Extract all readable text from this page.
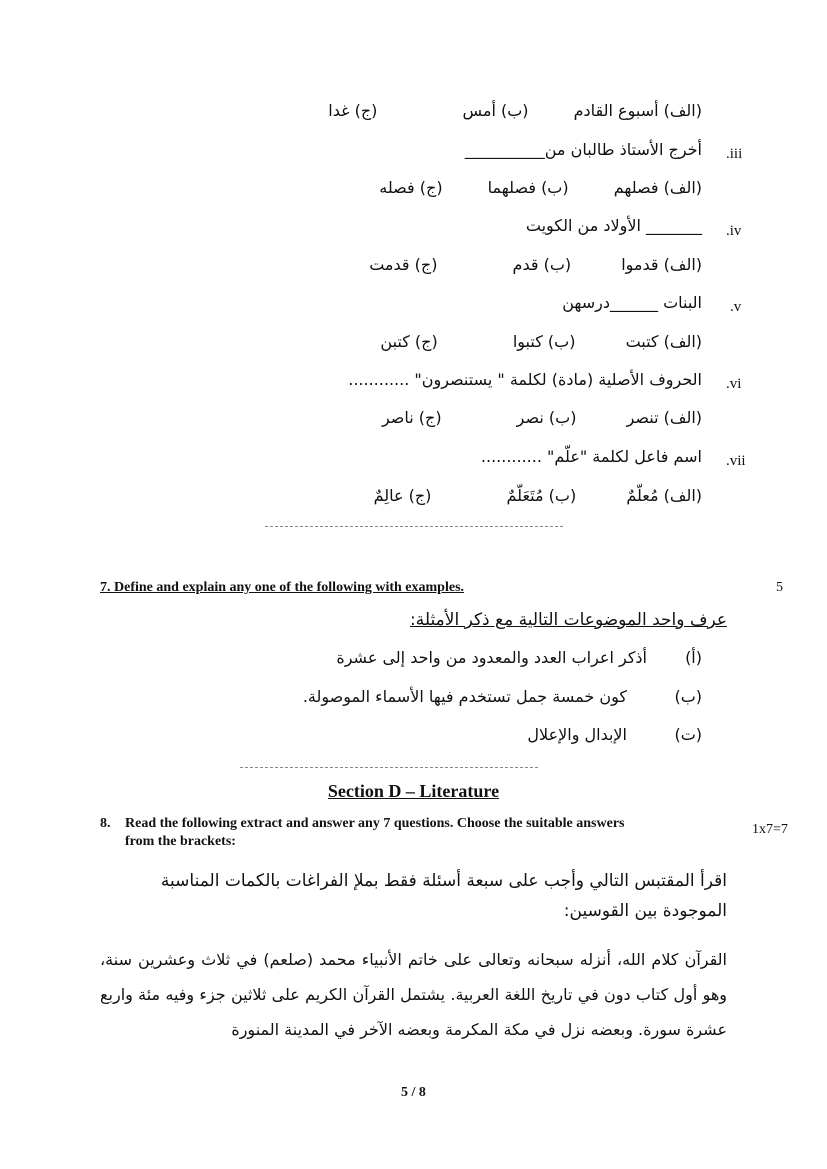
(الف) أسبوع القادم (ب) أمس (ج) غدا
.iii
أخرج الأستاذ طالبان من__________
(الف) فصلهم (ب) فصلهما (ج) فصله
.iv
_______ الأولاد من الكويت
(الف) قدموا (ب) قدم (ج) قدمت
.v
البنات ______درسهن
(الف) كتبت (ب) كتبوا (ج) كتبن
.vi
الحروف الأصلية (مادة) لكلمة " يستنصرون" ............
(الف) تنصر (ب) نصر (ج) ناصر
.vii
اسم فاعل لكلمة "علّم" ............
(الف) مُعلّمٌ (ب) مُتَعَلّمٌ (ج) عالِمٌ
7. Define and explain any one of the following with examples.	5
عرف واحد الموضوعات التالية مع ذكر الأمثلة:
(أ)
أذكر اعراب العدد والمعدود من واحد إلى عشرة
(ب)
كون خمسة جمل تستخدم فيها الأسماء الموصولة.
(ت)
الإبدال والإعلال
Section D – Literature
8. Read the following extract and answer any 7 questions. Choose the suitable answers
from the brackets:
1x7=7
اقرأ المقتبس التالي وأجب على سبعة أسئلة فقط بملإ الفراغات بالكمات المناسبة الموجودة بين القوسين:
القرآن كلام الله، أنزله سبحانه وتعالى على خاتم الأنبياء محمد (صلعم) في ثلاث وعشرين سنة، وهو أول كتاب دون في تاريخ اللغة العربية. يشتمل القرآن الكريم على ثلاثين جزء وفيه مئة واربع عشرة سورة. وبعضه نزل في مكة المكرمة وبعضه الآخر في المدينة المنورة
5 / 8
